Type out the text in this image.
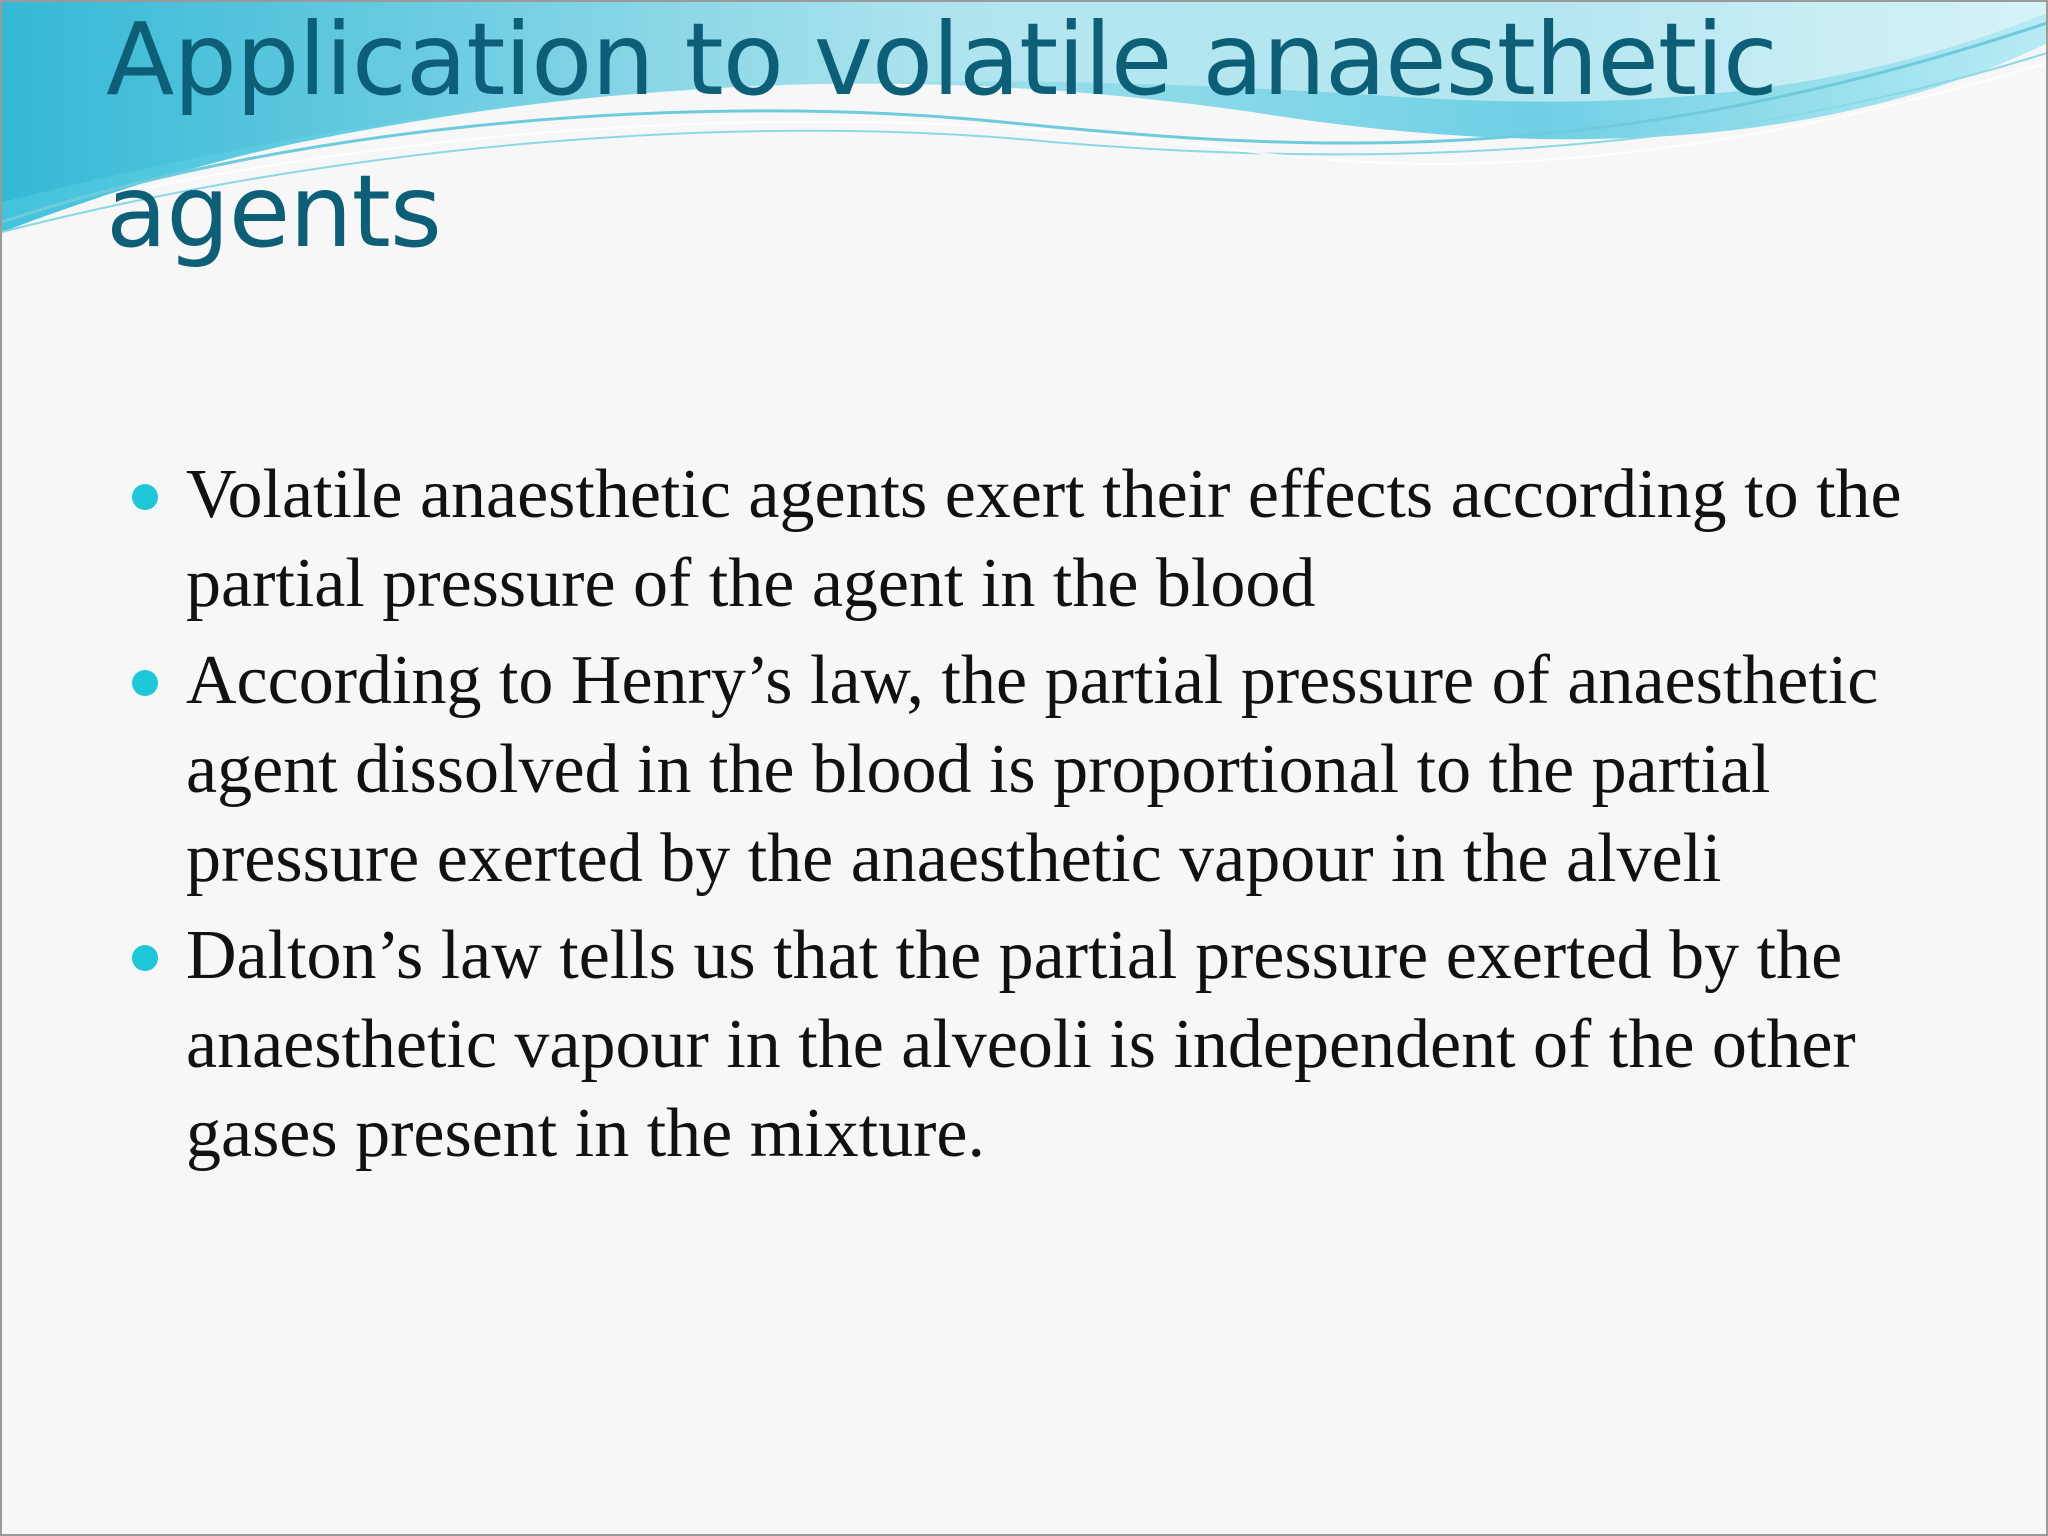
Application to volatile anaesthetic agents
Volatile anaesthetic agents exert their effects according to the partial pressure of the agent in the blood
According to Henry’s law, the partial pressure of anaesthetic agent dissolved in the blood is proportional to the partial pressure exerted by the anaesthetic vapour in the alveli
Dalton’s law tells us that the partial pressure exerted by the anaesthetic vapour in the alveoli is independent of the other gases present in the mixture.
